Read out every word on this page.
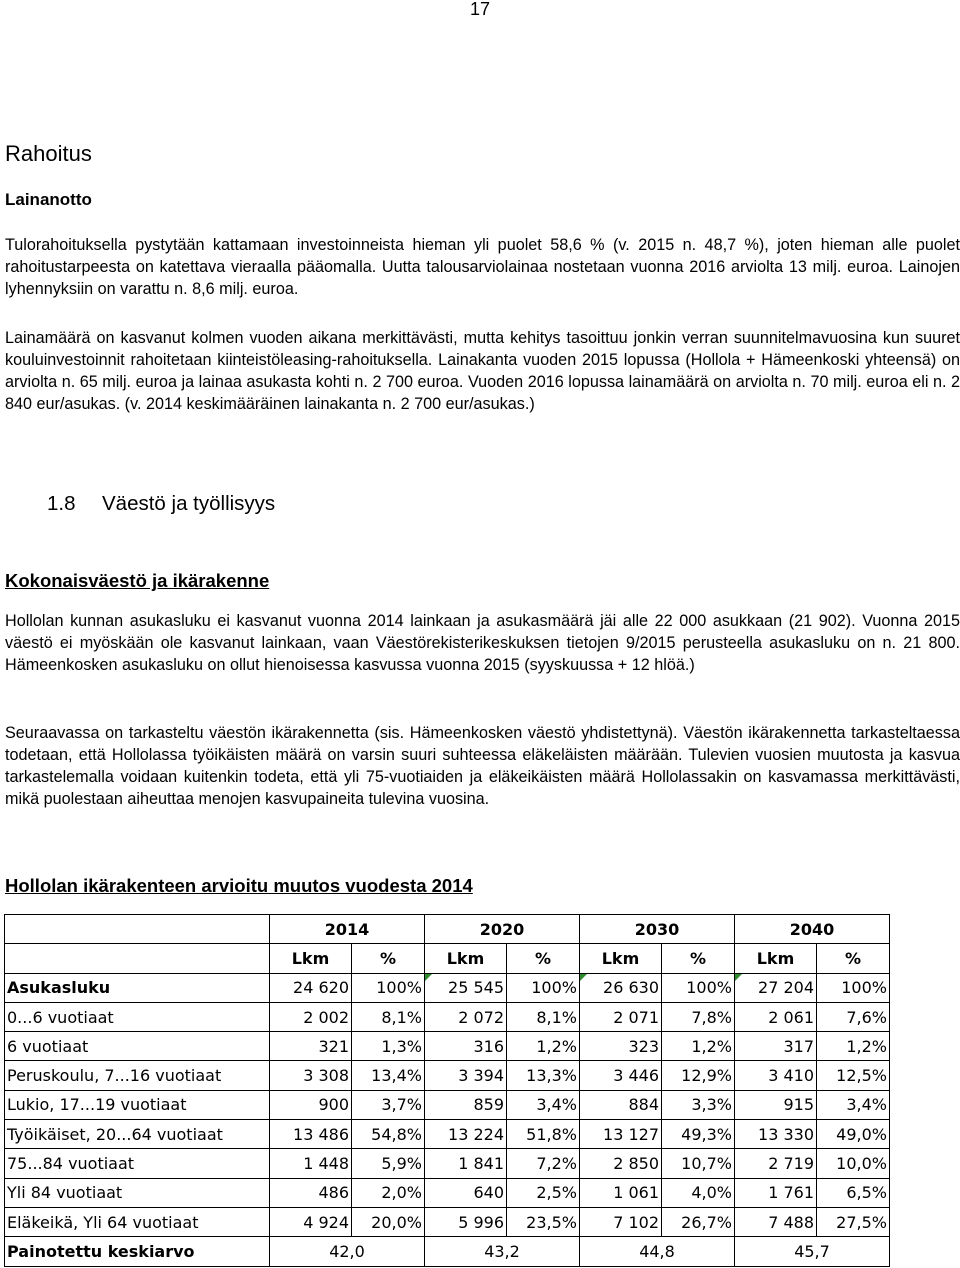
17
Rahoitus
Lainanotto

Tulorahoituksella pystytään kattamaan investoinneista hieman yli puolet 58,6 % (v. 2015 n. 48,7 %), joten hieman alle puolet rahoitustarpeesta on katettava vieraalla pääomalla. Uutta talousarviolainaa nostetaan vuonna 2016 arviolta 13 milj. euroa. Lainojen lyhennyksiin on varattu n. 8,6 milj. euroa.

Lainamäärä on kasvanut kolmen vuoden aikana merkittävästi, mutta kehitys tasoittuu jonkin verran suunnitelmavuosina kun suuret kouluinvestoinnit rahoitetaan kiinteistöleasing-rahoituksella. Lainakanta vuoden 2015 lopussa (Hollola + Hämeenkoski yhteensä) on arviolta n. 65 milj. euroa ja lainaa asukasta kohti n. 2 700 euroa. Vuoden 2016 lopussa lainamäärä on arviolta n. 70 milj. euroa eli n. 2 840 eur/asukas. (v. 2014 keskimääräinen lainakanta n. 2 700 eur/asukas.)

1.8 Väestö ja työllisyys
Kokonaisväestö ja ikärakenne

Hollolan kunnan asukasluku ei kasvanut vuonna 2014 lainkaan ja asukasmäärä jäi alle 22 000 asukkaan (21 902). Vuonna 2015 väestö ei myöskään ole kasvanut lainkaan, vaan Väestörekisterikeskuksen tietojen 9/2015 perusteella asukasluku on n. 21 800. Hämeenkosken asukasluku on ollut hienoisessa kasvussa vuonna 2015 (syyskuussa + 12 hlöä.)

Seuraavassa on tarkasteltu väestön ikärakennetta (sis. Hämeenkosken väestö yhdistettynä). Väestön ikärakennetta tarkasteltaessa todetaan, että Hollolassa työikäisten määrä on varsin suuri suhteessa eläkeläisten määrään. Tulevien vuosien muutosta ja kasvua tarkastelemalla voidaan kuitenkin todeta, että yli 75-vuotiaiden ja eläkeikäisten määrä Hollolassakin on kasvamassa merkittävästi, mikä puolestaan aiheuttaa menojen kasvupaineita tulevina vuosina.

Hollolan ikärakenteen arvioitu muutos vuodesta 2014
	2014		2020		2030		2040	
	Lkm	%	Lkm	%	Lkm	%	Lkm	%
Asukasluku	24 620	100%	25 545	100%	26 630	100%	27 204	100%
0...6 vuotiaat	2 002	8,1%	2 072	8,1%	2 071	7,8%	2 061	7,6%
6 vuotiaat	321	1,3%	316	1,2%	323	1,2%	317	1,2%
Peruskoulu, 7...16 vuotiaat	3 308	13,4%	3 394	13,3%	3 446	12,9%	3 410	12,5%
Lukio, 17...19 vuotiaat	900	3,7%	859	3,4%	884	3,3%	915	3,4%
Työikäiset, 20...64 vuotiaat	13 486	54,8%	13 224	51,8%	13 127	49,3%	13 330	49,0%
75...84 vuotiaat	1 448	5,9%	1 841	7,2%	2 850	10,7%	2 719	10,0%
Yli 84 vuotiaat	486	2,0%	640	2,5%	1 061	4,0%	1 761	6,5%
Eläkeikä, Yli 64 vuotiaat	4 924	20,0%	5 996	23,5%	7 102	26,7%	7 488	27,5%
Painotettu keskiarvo	42,0		43,2		44,8		45,7	
